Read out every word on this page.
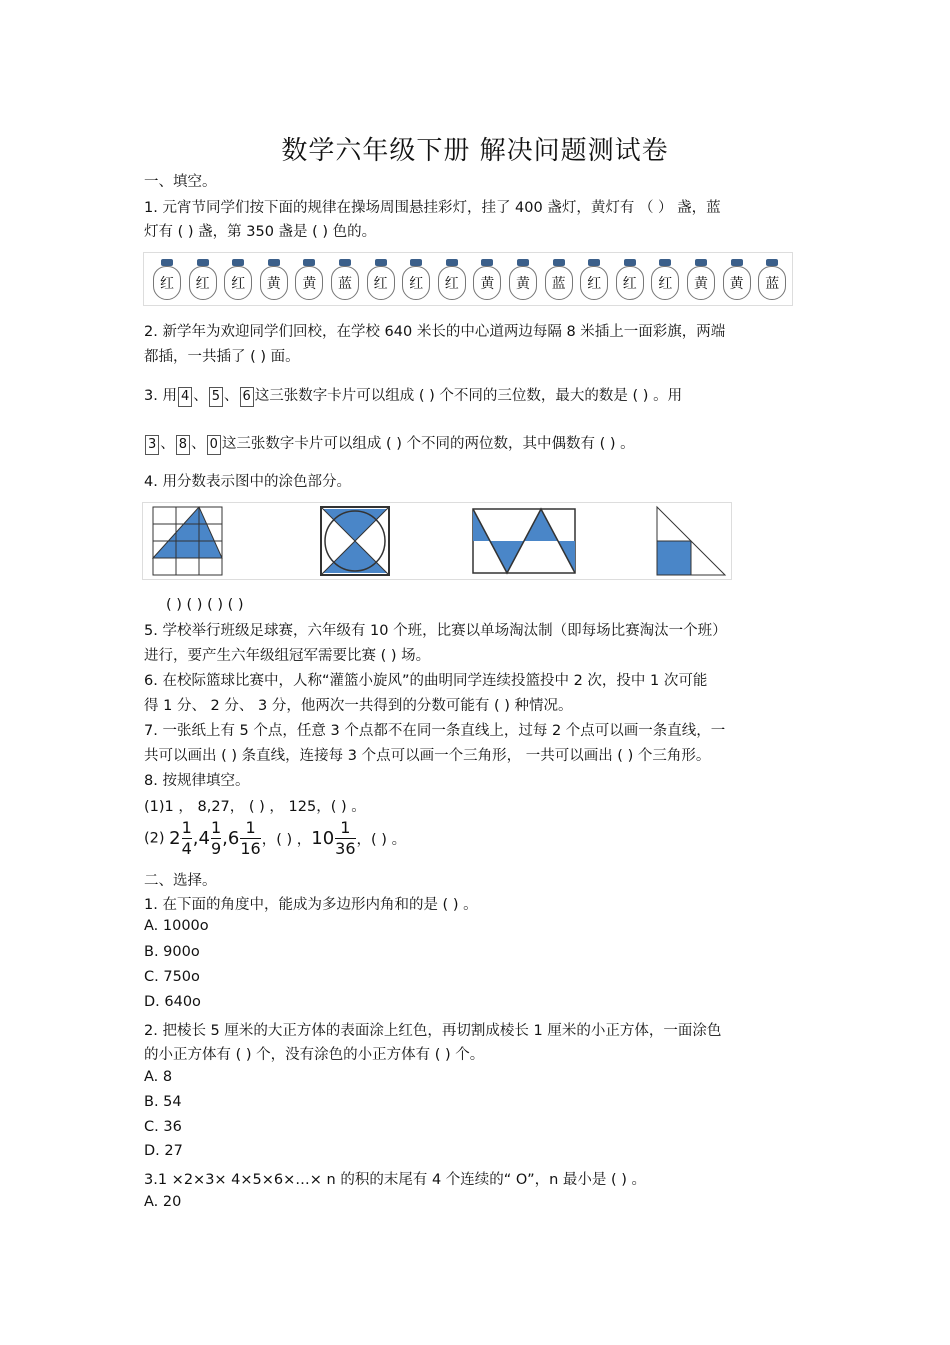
数学六年级下册 解决问题测试卷
一、填空。
1. 元宵节同学们按下面的规律在操场周围悬挂彩灯，挂了 400 盏灯，黄灯有 （ ） 盏，蓝
灯有 ( ) 盏，第 350 盏是 ( ) 色的。
红	红	红	黄	黄	蓝	红	红	红	黄	黄	蓝	红	红	红	黄	黄	蓝
2. 新学年为欢迎同学们回校，在学校 640 米长的中心道两边每隔 8 米插上一面彩旗，两端
都插，一共插了 ( ) 面。
3. 用 4 、 5 、 6 这三张数字卡片可以组成 ( ) 个不同的三位数，最大的数是 ( ) 。用
3 、 8 、 0 这三张数字卡片可以组成 ( ) 个不同的两位数，其中偶数有 ( ) 。
4. 用分数表示图中的涂色部分。
( ) ( ) ( ) ( )
5. 学校举行班级足球赛，六年级有 10 个班，比赛以单场淘汰制（即每场比赛淘汰一个班）
进行，要产生六年级组冠军需要比赛 ( ) 场。
6. 在校际篮球比赛中，人称“灌篮小旋风”的曲明同学连续投篮投中 2 次，投中 1 次可能
得 1 分、 2 分、 3 分，他两次一共得到的分数可能有 ( ) 种情况。
7. 一张纸上有 5 个点，任意 3 个点都不在同一条直线上，过每 2 个点可以画一条直线，一
共可以画出 ( ) 条直线，连接每 3 个点可以画一个三角形， 一共可以画出 ( ) 个三角形。
8. 按规律填空。
(1)1 ， 8,27， ( ) ， 125，( ) 。
(2) $2 \frac{1}{4} ,4 \frac{1}{9} ,6 \frac{1}{16}$ ，( ) ，$10 \frac{1}{36}$ ，( ) 。
二、选择。
1. 在下面的角度中，能成为多边形内角和的是 ( ) 。
A. 1000o
B. 900o
C. 750o
D. 640o
2. 把棱长 5 厘米的大正方体的表面涂上红色，再切割成棱长 1 厘米的小正方体，一面涂色
的小正方体有 ( ) 个，没有涂色的小正方体有 ( ) 个。
A. 8
B. 54
C. 36
D. 27
3.1 ×2×3× 4×5×6×…× n 的积的末尾有 4 个连续的“ O”，n 最小是 ( ) 。
A. 20
